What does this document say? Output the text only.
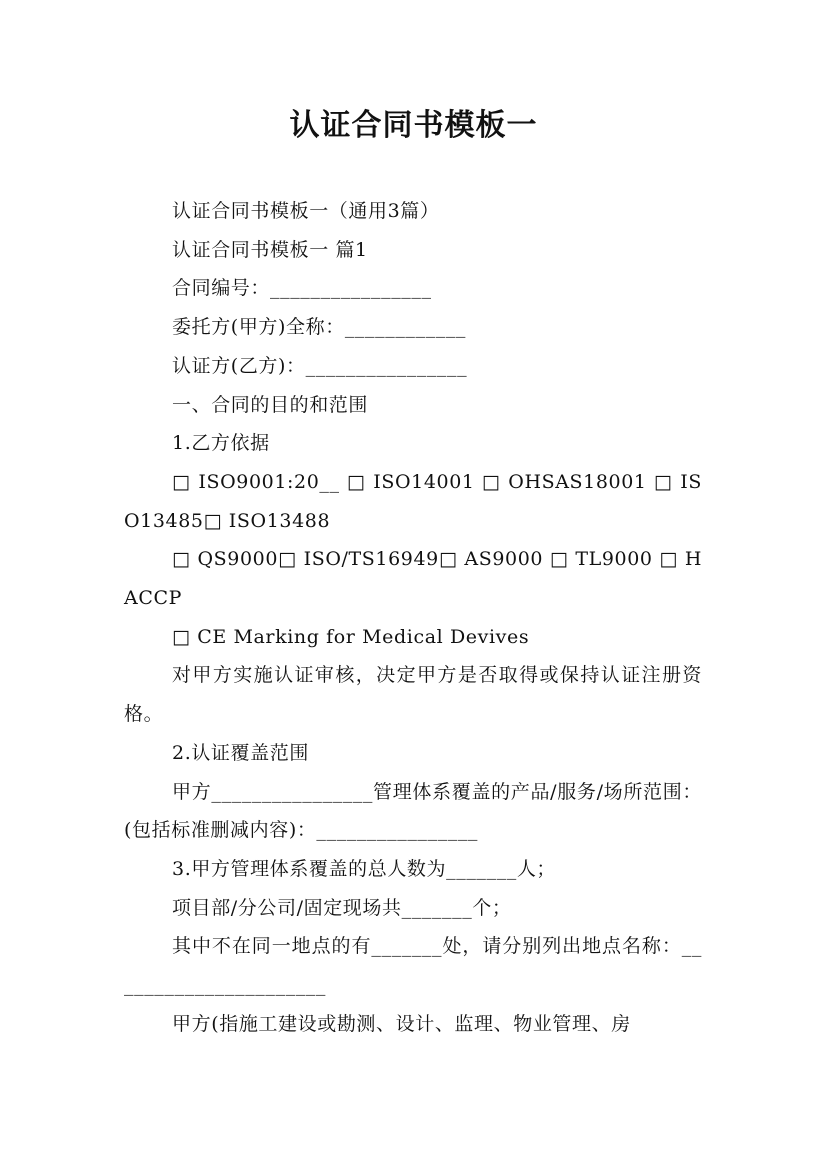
认证合同书模板一

认证合同书模板一（通用3篇）

认证合同书模板一 篇1

合同编号：________________

委托方(甲方)全称：____________

认证方(乙方)：________________

一、合同的目的和范围

1.乙方依据

□ ISO9001:20__ □ ISO14001 □ OHSAS18001 □ ISO13485□ ISO13488

□ QS9000□ ISO/TS16949□ AS9000 □ TL9000 □ HACCP

□ CE Marking for Medical Devives

对甲方实施认证审核，决定甲方是否取得或保持认证注册资格。

2.认证覆盖范围

甲方________________管理体系覆盖的产品/服务/场所范围：(包括标准删减内容)：________________

3.甲方管理体系覆盖的总人数为_______人；

项目部/分公司/固定现场共_______个；

其中不在同一地点的有_______处，请分别列出地点名称：______________________

甲方(指施工建设或勘测、设计、监理、物业管理、房
